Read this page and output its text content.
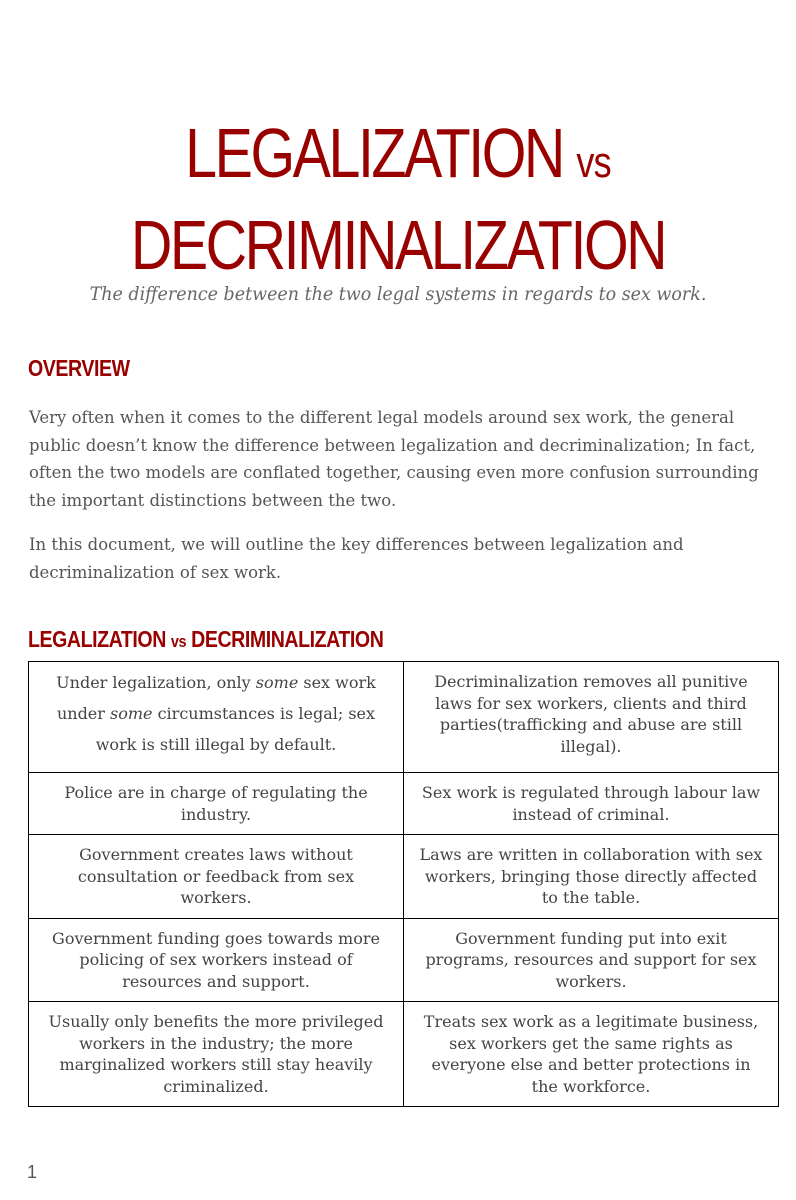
LEGALIZATION vs
DECRIMINALIZATION

The difference between the two legal systems in regards to sex work.

OVERVIEW

Very often when it comes to the different legal models around sex work, the general public doesn’t know the difference between legalization and decriminalization; In fact, often the two models are conflated together, causing even more confusion surrounding the important distinctions between the two.

In this document, we will outline the key differences between legalization and decriminalization of sex work.

LEGALIZATION vs DECRIMINALIZATION
Under legalization, only some sex work under some circumstances is legal; sex work is still illegal by default.	Decriminalization removes all punitive laws for sex workers, clients and third parties(trafficking and abuse are still illegal).
Police are in charge of regulating the industry.	Sex work is regulated through labour law instead of criminal.
Government creates laws without consultation or feedback from sex workers.	Laws are written in collaboration with sex workers, bringing those directly affected to the table.
Government funding goes towards more policing of sex workers instead of resources and support.	Government funding put into exit programs, resources and support for sex workers.
Usually only benefits the more privileged workers in the industry; the more marginalized workers still stay heavily criminalized.	Treats sex work as a legitimate business, sex workers get the same rights as everyone else and better protections in the workforce.
1
